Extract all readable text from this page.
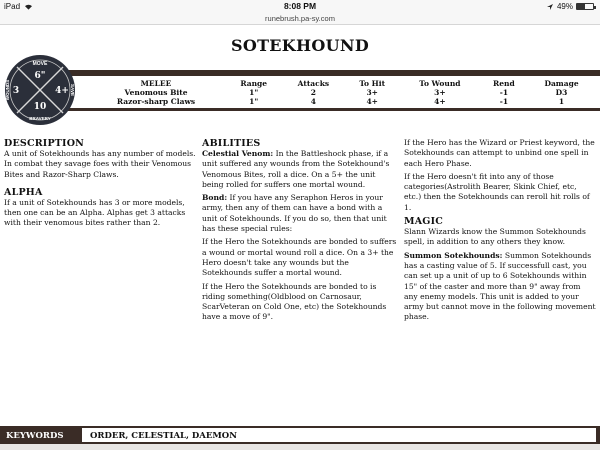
iPad	8:08 PM	49%
runebrush.pa-sy.com
SOTEKHOUND
MOVE
6"
3	4+
10
BRAVERY
WOUNDS	SAVE
MELEE	Range	Attacks	To Hit	To Wound	Rend	Damage
Venomous Bite	1"	2	3+	3+	-1	D3
Razor-sharp Claws	1"	4	4+	4+	-1	1
DESCRIPTION

A unit of Sotekhounds has any number of models. In combat they savage foes with their Venomous Bites and Razor-Sharp Claws.

ALPHA

If a unit of Sotekhounds has 3 or more models, then one can be an Alpha. Alphas get 3 attacks with their venomous bites rather than 2.

ABILITIES

Celestial Venom: In the Battleshock phase, if a unit suffered any wounds from the Sotekhound's Venomous Bites, roll a dice. On a 5+ the unit being rolled for suffers one mortal wound.

Bond: If you have any Seraphon Heros in your army, then any of them can have a bond with a unit of Sotekhounds. If you do so, then that unit has these special rules:

If the Hero the Sotekhounds are bonded to suffers a wound or mortal wound roll a dice. On a 3+ the Hero doesn't take any wounds but the Sotekhounds suffer a mortal wound.

If the Hero the Sotekhounds are bonded to is riding something(Oldblood on Carnosaur, ScarVeteran on Cold One, etc) the Sotekhounds have a move of 9".

If the Hero has the Wizard or Priest keyword, the Sotekhounds can attempt to unbind one spell in each Hero Phase.

If the Hero doesn't fit into any of those categories(Astrolith Bearer, Skink Chief, etc, etc.) then the Sotekhounds can reroll hit rolls of 1.

MAGIC

Slann Wizards know the Summon Sotekhounds spell, in addition to any others they know.

Summon Sotekhounds: Summon Sotekhounds has a casting value of 5. If successfull cast, you can set up a unit of up to 6 Sotekhounds within 15" of the caster and more than 9" away from any enemy models. This unit is added to your army but cannot move in the following movement phase.

KEYWORDS	ORDER, CELESTIAL, DAEMON
